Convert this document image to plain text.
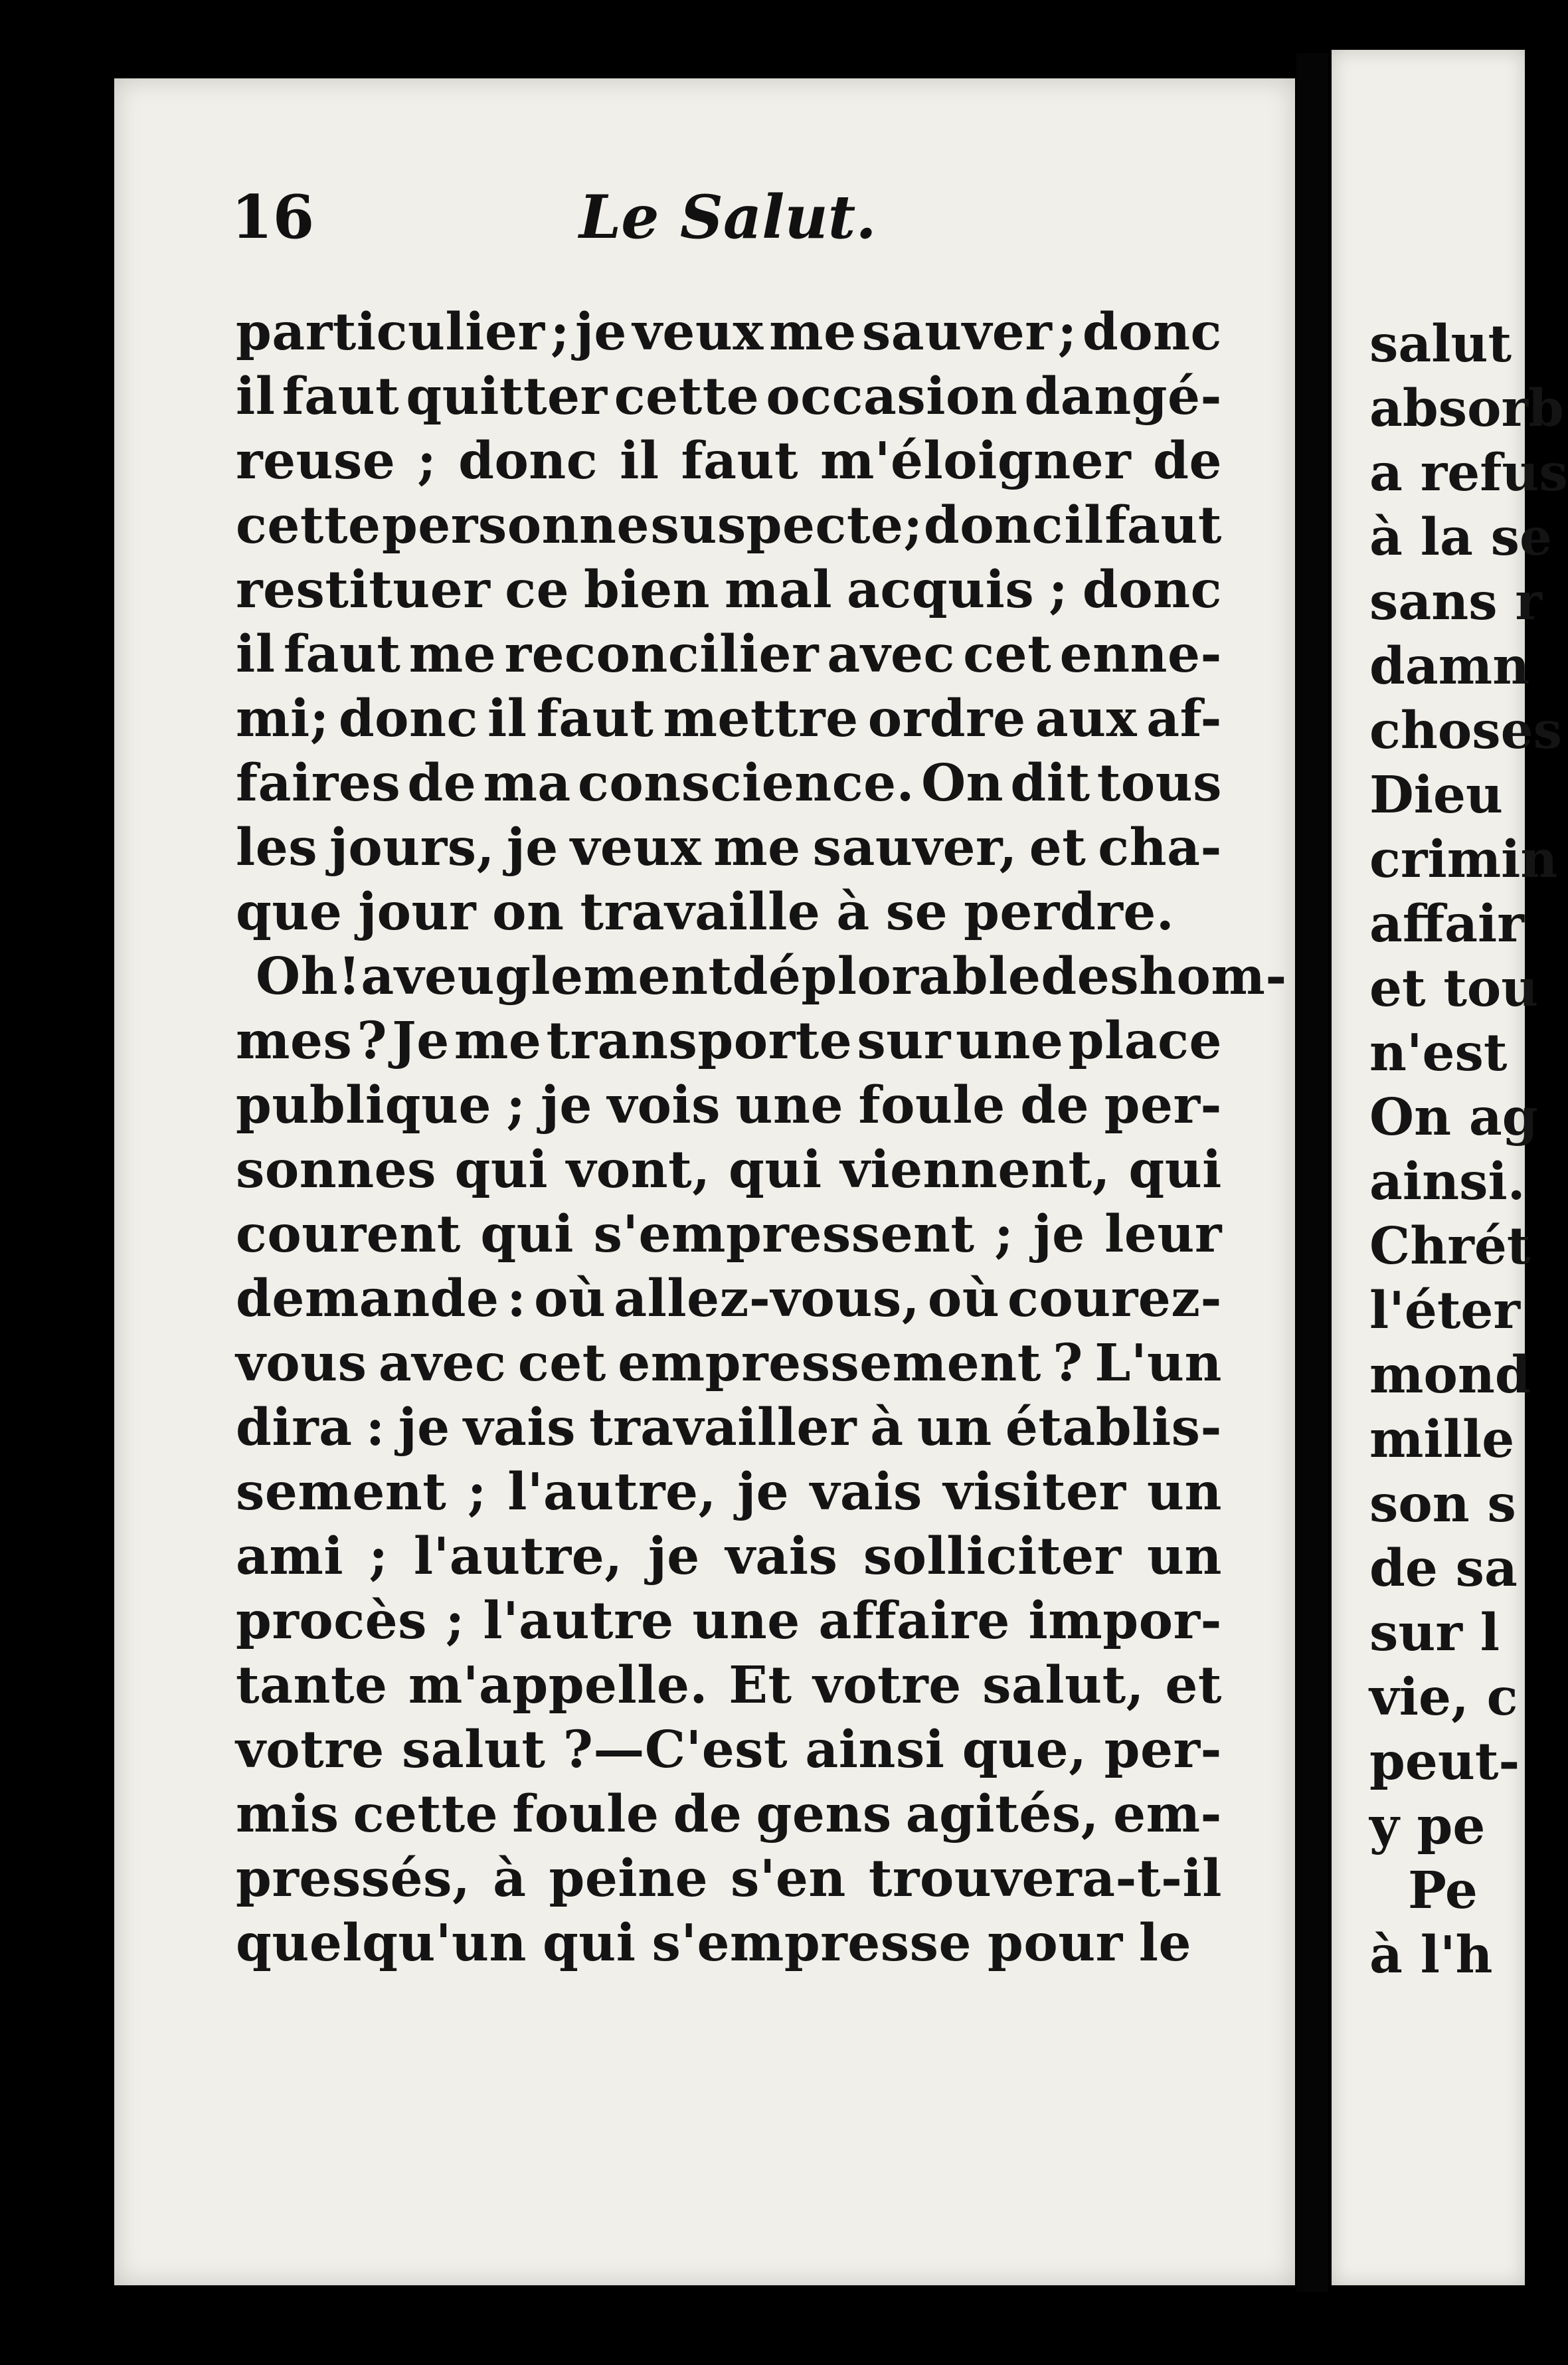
16	Le Salut.
particulier ; je veux me sauver ; donc
il faut quitter cette occasion dangé-
reuse ; donc il faut m'éloigner de
cette personne suspecte; donc il faut
restituer ce bien mal acquis ; donc
il faut me reconcilier avec cet enne-
mi; donc il faut mettre ordre aux af-
faires de ma conscience. On dit tous
les jours, je veux me sauver, et cha-
que jour on travaille à se perdre.
Oh! aveuglement déplorable des hom-
mes ? Je me transporte sur une place
publique ; je vois une foule de per-
sonnes qui vont, qui viennent, qui
courent qui s'empressent ; je leur
demande : où allez-vous, où courez-
vous avec cet empressement ? L'un
dira : je vais travailler à un établis-
sement ; l'autre, je vais visiter un
ami ; l'autre, je vais solliciter un
procès ; l'autre une affaire impor-
tante m'appelle. Et votre salut, et
votre salut ?—C'est ainsi que, per-
mis cette foule de gens agités, em-
pressés, à peine s'en trouvera-t-il
quelqu'un qui s'empresse pour le
salut
absorb
a refus
à la se
sans r
damn
choses
Dieu
crimin
affair
et tou
n'est
On ag
ainsi.
Chrét
l'éter
mond
mille
son s
de sa
sur l
vie, c
peut-
y pe
Pe
à l'h
